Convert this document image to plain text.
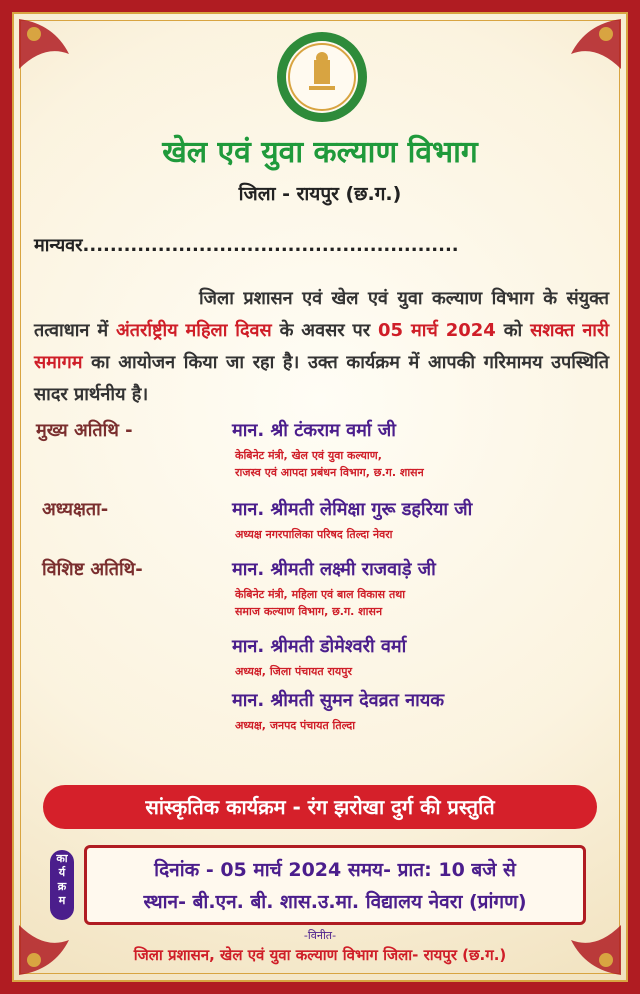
खेल एवं युवा कल्याण विभाग
जिला - रायपुर (छ.ग.)
मान्यवर.......................................................
जिला प्रशासन एवं खेल एवं युवा कल्याण विभाग के संयुक्त तत्वाधान में अंतर्राष्ट्रीय महिला दिवस के अवसर पर 05 मार्च 2024 को सशक्त नारी समागम का आयोजन किया जा रहा है। उक्त कार्यक्रम में आपकी गरिमामय उपस्थिति सादर प्रार्थनीय है।
मुख्य अतिथि -	मान. श्री टंकराम वर्मा जी
केबिनेट मंत्री, खेल एवं युवा कल्याण,
राजस्व एवं आपदा प्रबंधन विभाग, छ.ग. शासन
अध्यक्षता-	मान. श्रीमती लेमिक्षा गुरू डहरिया जी
अध्यक्ष नगरपालिका परिषद तिल्दा नेवरा
विशिष्ट अतिथि-	मान. श्रीमती लक्ष्मी राजवाड़े जी
केबिनेट मंत्री, महिला एवं बाल विकास तथा
समाज कल्याण विभाग, छ.ग. शासन
मान. श्रीमती डोमेश्वरी वर्मा
अध्यक्ष, जिला पंचायत रायपुर
मान. श्रीमती सुमन देवव्रत नायक
अध्यक्ष, जनपद पंचायत तिल्दा
सांस्कृतिक कार्यक्रम - रंग झरोखा दुर्ग की प्रस्तुति
का
र्य
क्र
म
दिनांक - 05 मार्च 2024 समय- प्रात: 10 बजे से
स्थान- बी.एन. बी. शास.उ.मा. विद्यालय नेवरा (प्रांगण)
-विनीत-
जिला प्रशासन, खेल एवं युवा कल्याण विभाग जिला- रायपुर (छ.ग.)
